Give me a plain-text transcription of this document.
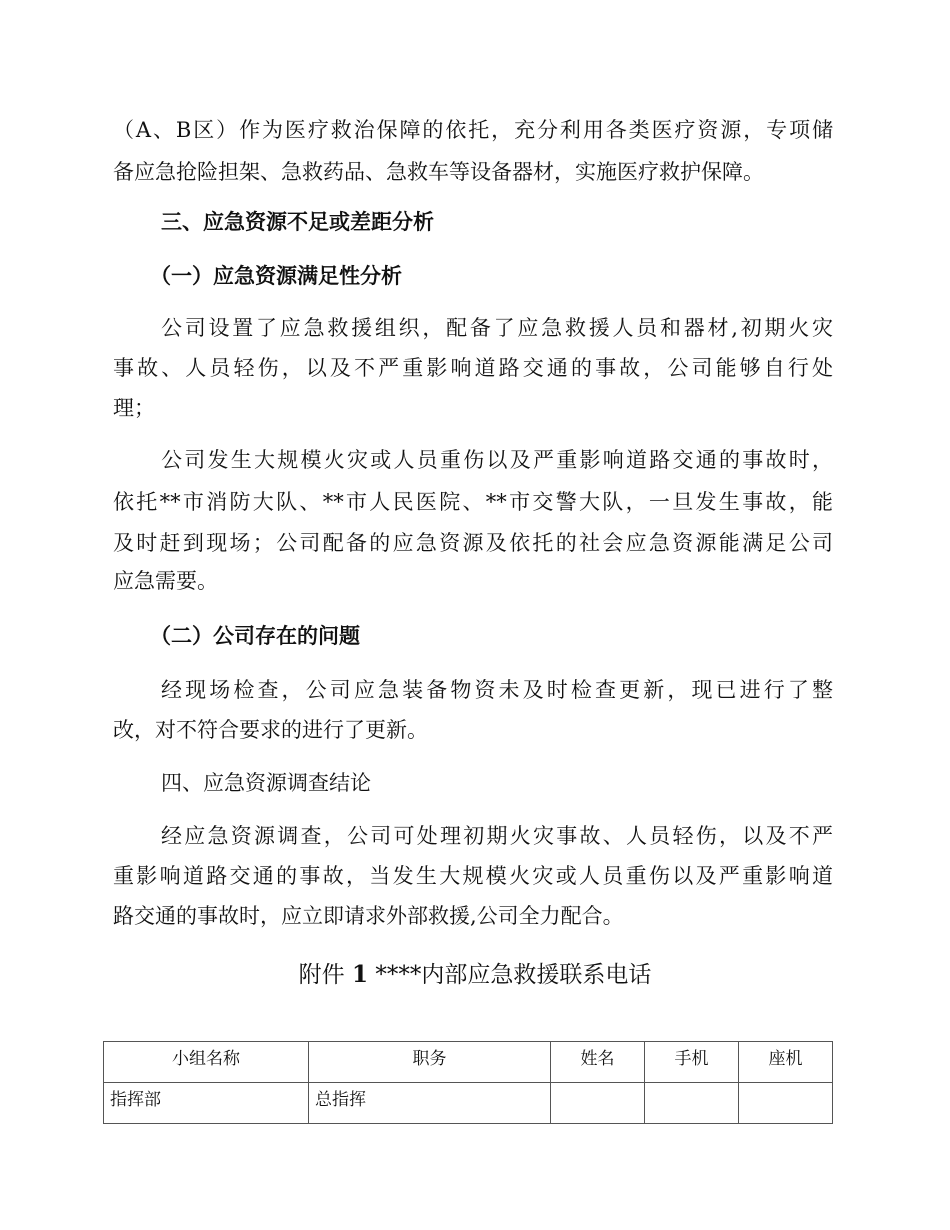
（A、B区）作为医疗救治保障的依托，充分利用各类医疗资源，专项储
备应急抢险担架、急救药品、急救车等设备器材，实施医疗救护保障。
三、应急资源不足或差距分析
（一）应急资源满足性分析
公司设置了应急救援组织，配备了应急救援人员和器材,初期火灾
事故、人员轻伤，以及不严重影响道路交通的事故，公司能够自行处
理；
公司发生大规模火灾或人员重伤以及严重影响道路交通的事故时，
依托**市消防大队、**市人民医院、**市交警大队，一旦发生事故，能
及时赶到现场；公司配备的应急资源及依托的社会应急资源能满足公司
应急需要。
（二）公司存在的问题
经现场检查，公司应急装备物资未及时检查更新，现已进行了整
改，对不符合要求的进行了更新。
四、应急资源调查结论
经应急资源调查，公司可处理初期火灾事故、人员轻伤，以及不严
重影响道路交通的事故，当发生大规模火灾或人员重伤以及严重影响道
路交通的事故时，应立即请求外部救援,公司全力配合。
附件 1 ****内部应急救援联系电话
小组名称	职务	姓名	手机	座机
指挥部	总指挥			
